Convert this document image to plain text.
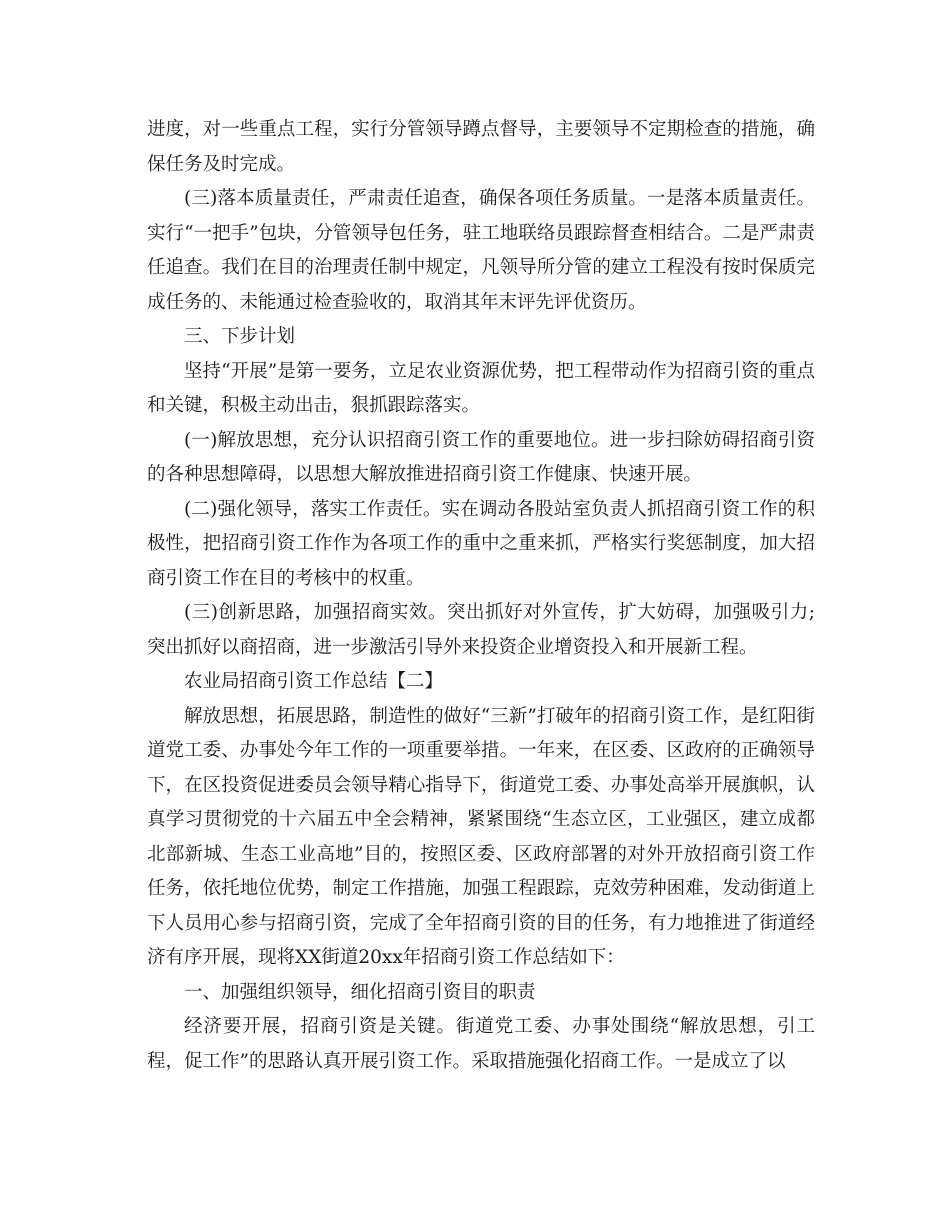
进度，对一些重点工程，实行分管领导蹲点督导，主要领导不定期检查的措施，确保任务及时完成。

(三)落本质量责任，严肃责任追查，确保各项任务质量。一是落本质量责任。实行“一把手”包块，分管领导包任务，驻工地联络员跟踪督查相结合。二是严肃责任追查。我们在目的治理责任制中规定，凡领导所分管的建立工程没有按时保质完成任务的、未能通过检查验收的，取消其年末评先评优资历。

三、下步计划

坚持“开展”是第一要务，立足农业资源优势，把工程带动作为招商引资的重点和关键，积极主动出击，狠抓跟踪落实。

(一)解放思想，充分认识招商引资工作的重要地位。进一步扫除妨碍招商引资的各种思想障碍，以思想大解放推进招商引资工作健康、快速开展。

(二)强化领导，落实工作责任。实在调动各股站室负责人抓招商引资工作的积极性，把招商引资工作作为各项工作的重中之重来抓，严格实行奖惩制度，加大招商引资工作在目的考核中的权重。

(三)创新思路，加强招商实效。突出抓好对外宣传，扩大妨碍，加强吸引力;突出抓好以商招商，进一步激活引导外来投资企业增资投入和开展新工程。

农业局招商引资工作总结【二】

解放思想，拓展思路，制造性的做好“三新”打破年的招商引资工作，是红阳街道党工委、办事处今年工作的一项重要举措。一年来，在区委、区政府的正确领导下，在区投资促进委员会领导精心指导下，街道党工委、办事处高举开展旗帜，认真学习贯彻党的十六届五中全会精神，紧紧围绕“生态立区，工业强区，建立成都北部新城、生态工业高地”目的，按照区委、区政府部署的对外开放招商引资工作任务，依托地位优势，制定工作措施，加强工程跟踪，克效劳种困难，发动街道上下人员用心参与招商引资，完成了全年招商引资的目的任务，有力地推进了街道经济有序开展，现将XX街道20xx年招商引资工作总结如下：

一、加强组织领导，细化招商引资目的职责

经济要开展，招商引资是关键。街道党工委、办事处围绕“解放思想，引工程，促工作”的思路认真开展引资工作。采取措施强化招商工作。一是成立了以
